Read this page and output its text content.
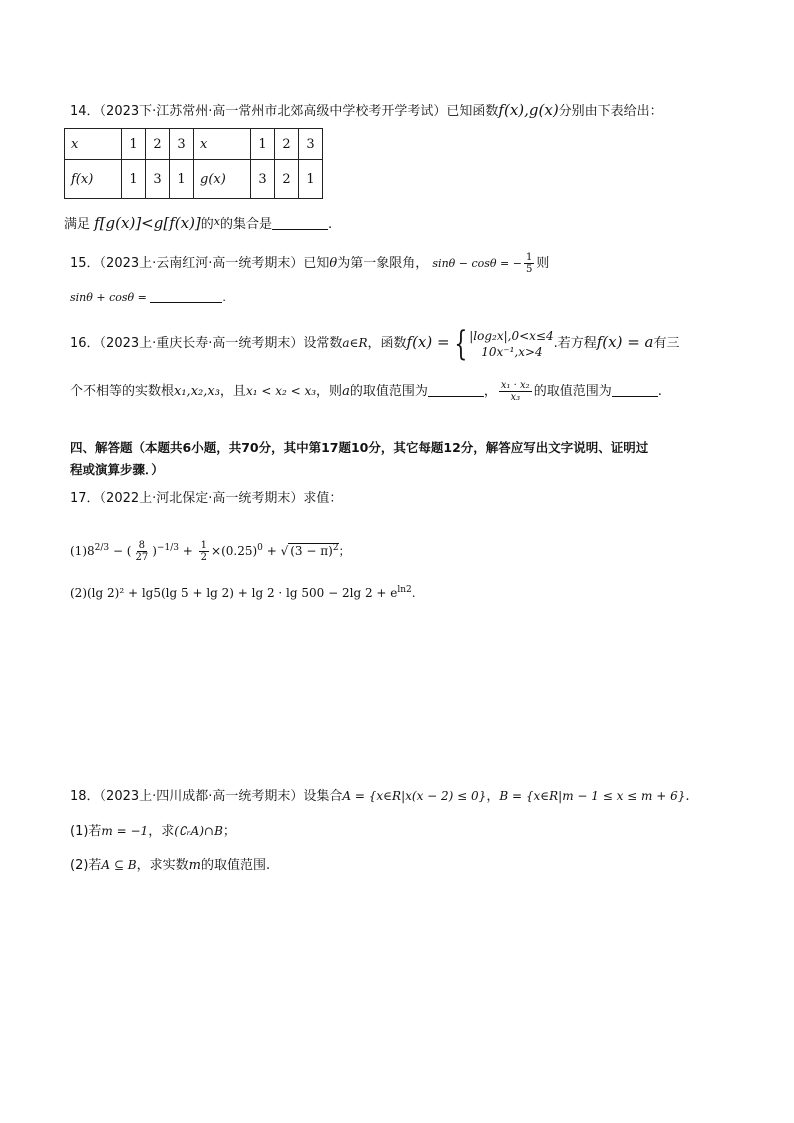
14．（2023下·江苏常州·高一常州市北郊高级中学校考开学考试）已知函数f(x),g(x)分别由下表给出：
x	1	2	3	x	1	2	3
f(x)	1	3	1	g(x)	3	2	1
满足 f[g(x)]<g[f(x)]的$^x$的集合是	.
15．（2023上·云南红河·高一统考期末）已知θ为第一象限角， sinθ − cosθ = − $\frac{1}{5}$ 则
sinθ + cosθ =	.
16．（2023上·重庆长寿·高一统考期末）设常数a∈R，函数f(x) = { |log₂x|,0<x≤4
10x⁻¹,x>4
.若方程f(x) = a有三
个不相等的实数根x₁,x₂,x₃，且x₁ < x₂ < x₃，则a的取值范围为	， $\frac{\text{x₁ · x₂}}{\text{x₃}}$ 的取值范围为	.
四、解答题（本题共6小题，共70分，其中第17题10分，其它每题12分，解答应写出文字说明、证明过
程或演算步骤．）
17．（2022上·河北保定·高一统考期末）求值：
$(1)8^{2/3}$ − ( $\frac{8}{27} )^{-1/3} + \frac{1}{2} \times(0.25)^0$ + √ $(3 - \pi)^2$；
(2)(lg 2)² + lg5(lg 5 + lg 2) + lg 2 · lg 500 − 2lg $2 + e^{ln2}$.
18．（2023上·四川成都·高一统考期末）设集合A = {x∈R|x(x − 2) ≤ 0}，B = {x∈R|m − 1 ≤ x ≤ m + 6}.
(1)若m = −1，求(∁ᵣA)∩B；
(2)若A ⊆ B，求实数m的取值范围.
